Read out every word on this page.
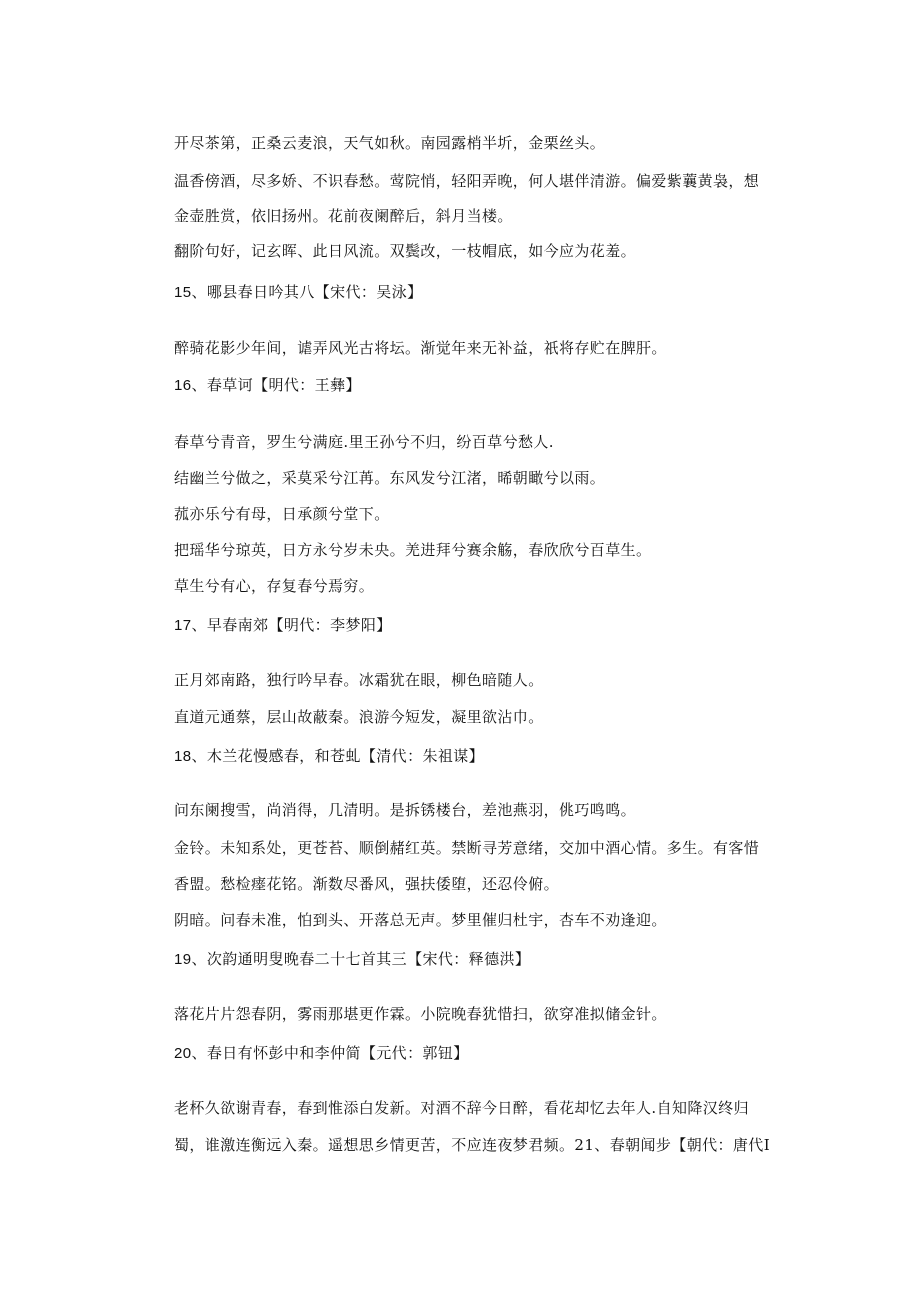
开尽茶第，正桑云麦浪，天气如秋。南园露梢半圻，金栗丝头。
温香傍酒，尽多娇、不识春愁。莺院悄，轻阳弄晚，何人堪伴清游。偏爱紫蘘黄袅，想
金壶胜赏，依旧扬州。花前夜阑醉后，斜月当楼。
翻阶句好，记玄晖、此日风流。双鬓改，一枝帽底，如今应为花羞。
15、哪县春日吟其八【宋代：吴泳】
醉骑花影少年间，谑弄风光古将坛。渐觉年来无补益，祇将存贮在脾肝。
16、春草诃【明代：王彝】
春草兮青音，罗生兮满庭.里王孙兮不归，纷百草兮愁人.
结幽兰兮做之，采莫采兮江苒。东风发兮江渚，晞朝瞰兮以雨。
菰亦乐兮有母，日承颜兮堂下。
把瑶华兮琼英，日方永兮岁未央。羌进拜兮赛余觞，春欣欣兮百草生。
草生兮有心，存复春兮焉穷。
17、早春南郊【明代：李梦阳】
正月郊南路，独行吟早春。冰霜犹在眼，柳色暗随人。
直道元通蔡，层山故蔽秦。浪游今短发，凝里欲沾巾。
18、木兰花慢感春，和苍虬【清代：朱祖谋】
问东阑搜雪，尚消得，几清明。是拆锈楼台，差池燕羽，佻巧鸣鸣。
金铃。未知系处，更苍苔、顺倒赭红英。禁断寻芳意绪，交加中酒心情。多生。有客惜
香盟。愁检瘗花铭。渐数尽番风，强扶倭堕，还忍伶俯。
阴暗。问春未准，怕到头、开落总无声。梦里催归杜宇，杏车不劝逢迎。
19、次韵通明叟晚春二十七首其三【宋代：释德洪】
落花片片怨春阴，雾雨那堪更作霖。小院晚春犹惜扫，欲穿准拟储金针。
20、春日有怀彭中和李仲简【元代：郭钮】
老杯久欲谢青春，春到惟添白发新。对酒不辞今日醉，看花却忆去年人.自知降汉终归
蜀，谁激连衡远入秦。遥想思乡情更苦，不应连夜梦君频。21、春朝闻步【朝代：唐代I
